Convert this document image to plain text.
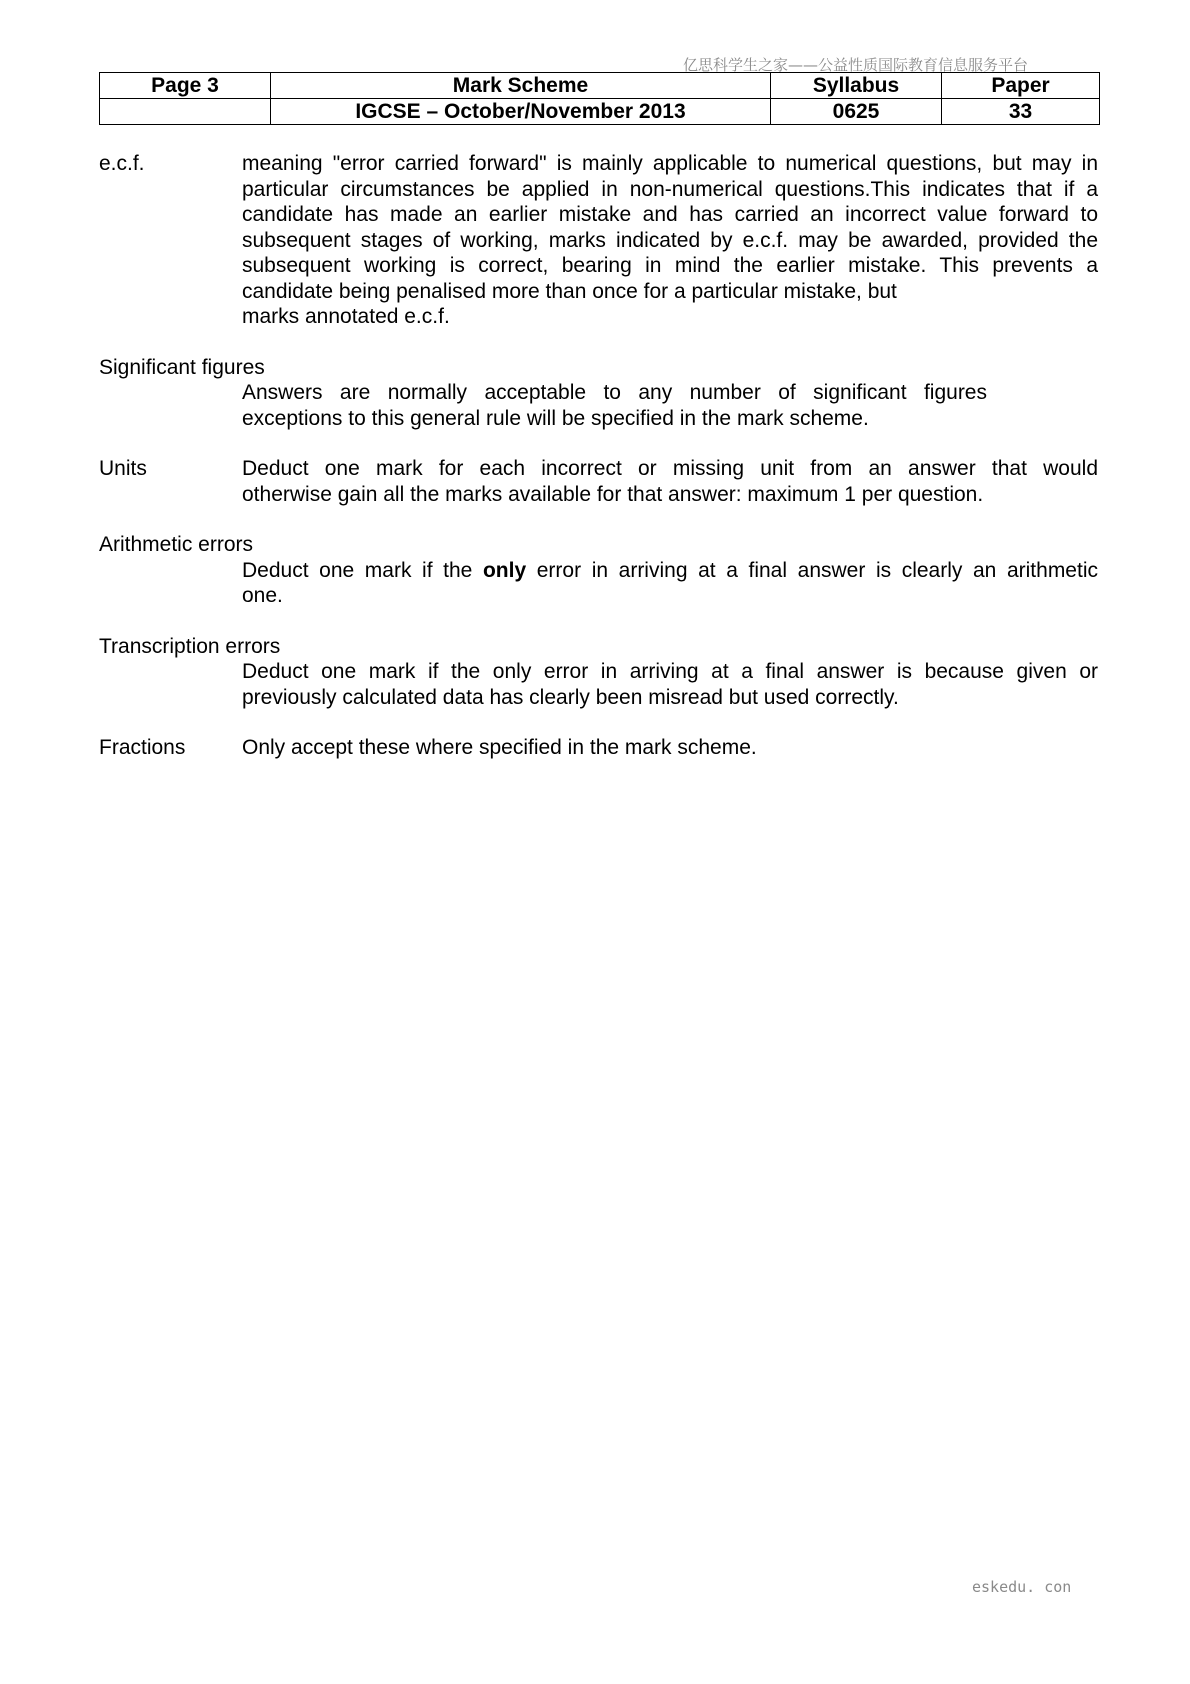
亿思科学生之家——公益性质国际教育信息服务平台
Page 3	Mark Scheme	Syllabus	Paper
	IGCSE – October/November 2013	0625	33
e.c.f.	meaning "error carried forward" is mainly applicable to numerical questions, but may in
particular circumstances be applied in non-numerical questions.This indicates that if a
candidate has made an earlier mistake and has carried an incorrect value forward to
subsequent stages of working, marks indicated by e.c.f. may be awarded, provided the
subsequent working is correct, bearing in mind the earlier mistake. This prevents a
candidate being penalised more than once for a particular mistake, but
marks annotated e.c.f.
Significant figures
Answers are normally acceptable to any number of significant figures
exceptions to this general rule will be specified in the mark scheme.
Units	Deduct one mark for each incorrect or missing unit from an answer that would
otherwise gain all the marks available for that answer: maximum 1 per question.
Arithmetic errors
Deduct one mark if the only error in arriving at a final answer is clearly an arithmetic
one.
Transcription errors
Deduct one mark if the only error in arriving at a final answer is because given or
previously calculated data has clearly been misread but used correctly.
Fractions	Only accept these where specified in the mark scheme.
eskedu. con
